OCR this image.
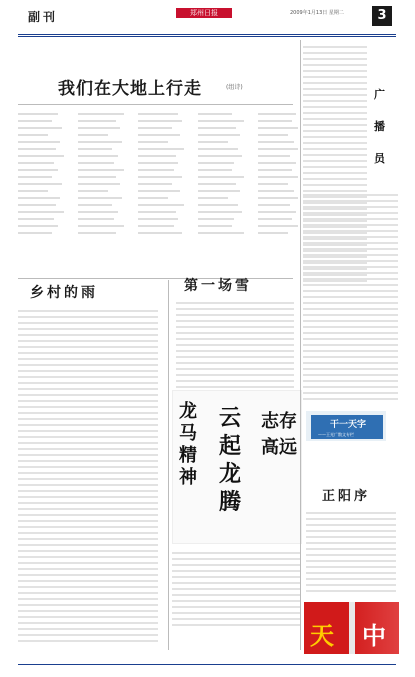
副刊	郑州日报	2009年1月13日 星期二	3
我们在大地上行走	(组诗)
乡村的雨	第一场雪
龙马精神
云起龙腾
志存高远
广
播
员
干一天字
——王光广散文专栏
正阳序
天 中
